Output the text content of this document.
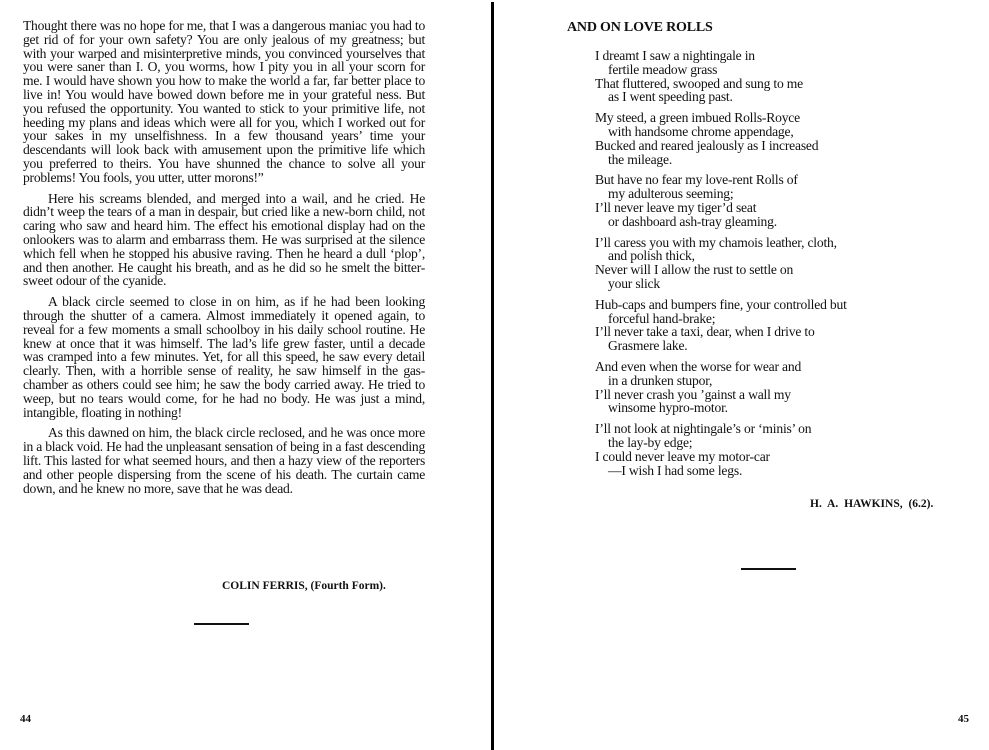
Thought there was no hope for me, that I was a dangerous maniac you had to get rid of for your own safety? You are only jealous of my greatness; but with your warped and misinterpretive minds, you convinced yourselves that you were saner than I. O, you worms, how I pity you in all your scorn for me. I would have shown you how to make the world a far, far better place to live in! You would have bowed down before me in your grateful ness. But you refused the opportunity. You wanted to stick to your primitive life, not heeding my plans and ideas which were all for you, which I worked out for your sakes in my unselfishness. In a few thousand years’ time your descendants will look back with amusement upon the primitive life which you preferred to theirs. You have shunned the chance to solve all your problems! You fools, you utter, utter morons!”

Here his screams blended, and merged into a wail, and he cried. He didn’t weep the tears of a man in despair, but cried like a new-born child, not caring who saw and heard him. The effect his emotional display had on the onlookers was to alarm and embarrass them. He was surprised at the silence which fell when he stopped his abusive raving. Then he heard a dull ‘plop’, and then another. He caught his breath, and as he did so he smelt the bitter-sweet odour of the cyanide.

A black circle seemed to close in on him, as if he had been looking through the shutter of a camera. Almost immediately it opened again, to reveal for a few moments a small schoolboy in his daily school routine. He knew at once that it was himself. The lad’s life grew faster, until a decade was cramped into a few minutes. Yet, for all this speed, he saw every detail clearly. Then, with a horrible sense of reality, he saw himself in the gas-chamber as others could see him; he saw the body carried away. He tried to weep, but no tears would come, for he had no body. He was just a mind, intangible, floating in nothing!

As this dawned on him, the black circle reclosed, and he was once more in a black void. He had the unpleasant sensation of being in a fast descending lift. This lasted for what seemed hours, and then a hazy view of the reporters and other people dispersing from the scene of his death. The curtain came down, and he knew no more, save that he was dead.

COLIN FERRIS, (Fourth Form).
44
AND ON LOVE ROLLS
I dreamt I saw a nightingale in
fertile meadow grass
That fluttered, swooped and sung to me
as I went speeding past.
My steed, a green imbued Rolls-Royce
with handsome chrome appendage,
Bucked and reared jealously as I increased
the mileage.
But have no fear my love-rent Rolls of
my adulterous seeming;
I’ll never leave my tiger’d seat
or dashboard ash-tray gleaming.
I’ll caress you with my chamois leather, cloth,
and polish thick,
Never will I allow the rust to settle on
your slick
Hub-caps and bumpers fine, your controlled but
forceful hand-brake;
I’ll never take a taxi, dear, when I drive to
Grasmere lake.
And even when the worse for wear and
in a drunken stupor,
I’ll never crash you ’gainst a wall my
winsome hypro-motor.
I’ll not look at nightingale’s or ‘minis’ on
the lay-by edge;
I could never leave my motor-car
—I wish I had some legs.
H. A. HAWKINS, (6.2).
45
